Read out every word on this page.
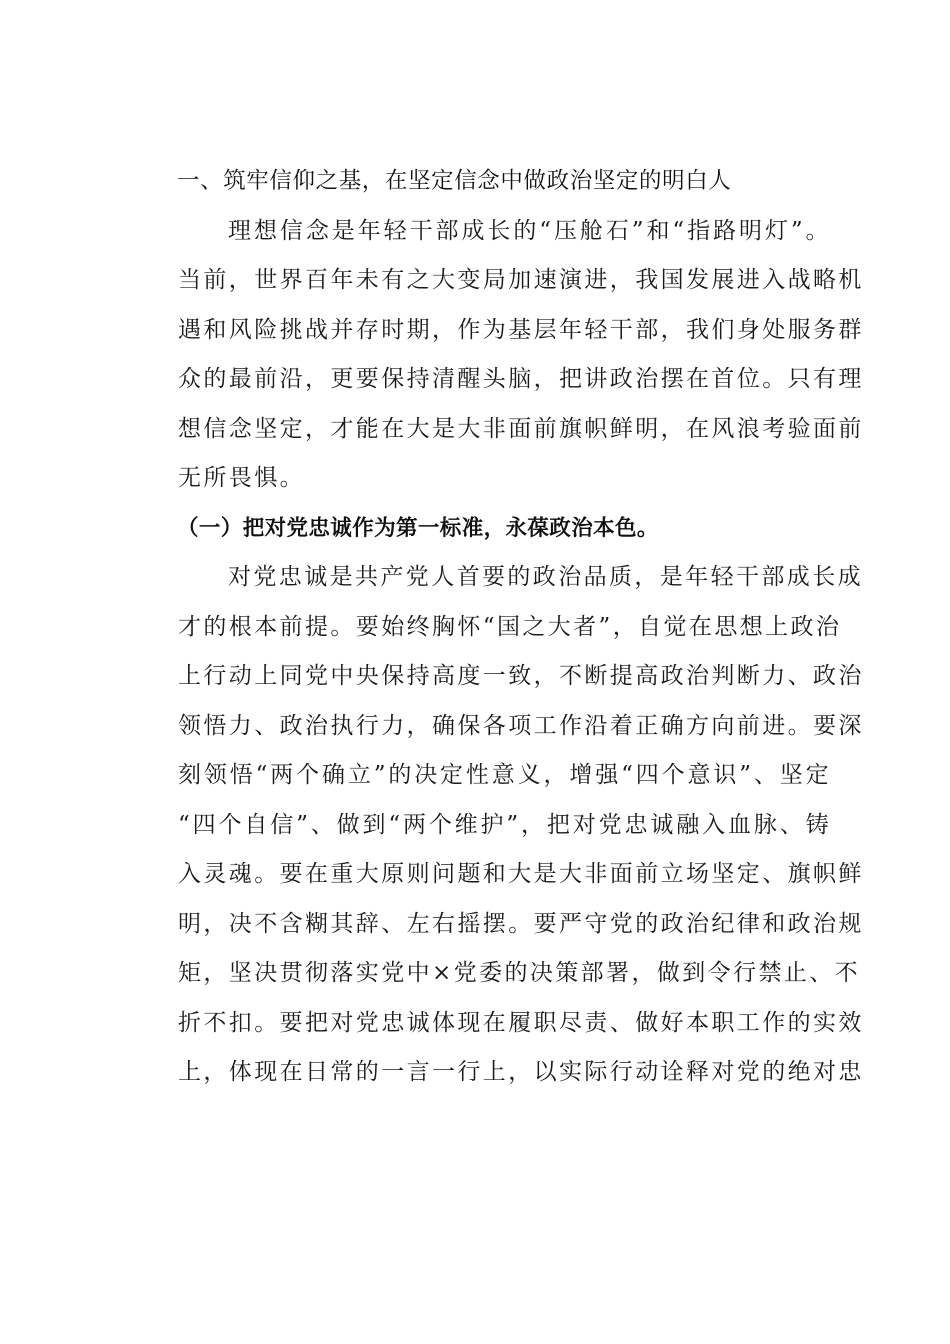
一、筑牢信仰之基，在坚定信念中做政治坚定的明白人

理想信念是年轻干部成长的“压舱石”和“指路明灯”。
当前，世界百年未有之大变局加速演进，我国发展进入战略机
遇和风险挑战并存时期，作为基层年轻干部，我们身处服务群
众的最前沿，更要保持清醒头脑，把讲政治摆在首位。只有理
想信念坚定，才能在大是大非面前旗帜鲜明，在风浪考验面前
无所畏惧。

（一）把对党忠诚作为第一标准，永葆政治本色。

对党忠诚是共产党人首要的政治品质，是年轻干部成长成
才的根本前提。要始终胸怀“国之大者”，自觉在思想上政治
上行动上同党中央保持高度一致，不断提高政治判断力、政治
领悟力、政治执行力，确保各项工作沿着正确方向前进。要深
刻领悟“两个确立”的决定性意义，增强“四个意识”、坚定
“四个自信”、做到“两个维护”，把对党忠诚融入血脉、铸
入灵魂。要在重大原则问题和大是大非面前立场坚定、旗帜鲜
明，决不含糊其辞、左右摇摆。要严守党的政治纪律和政治规
矩，坚决贯彻落实党中×党委的决策部署，做到令行禁止、不
折不扣。要把对党忠诚体现在履职尽责、做好本职工作的实效
上，体现在日常的一言一行上，以实际行动诠释对党的绝对忠
